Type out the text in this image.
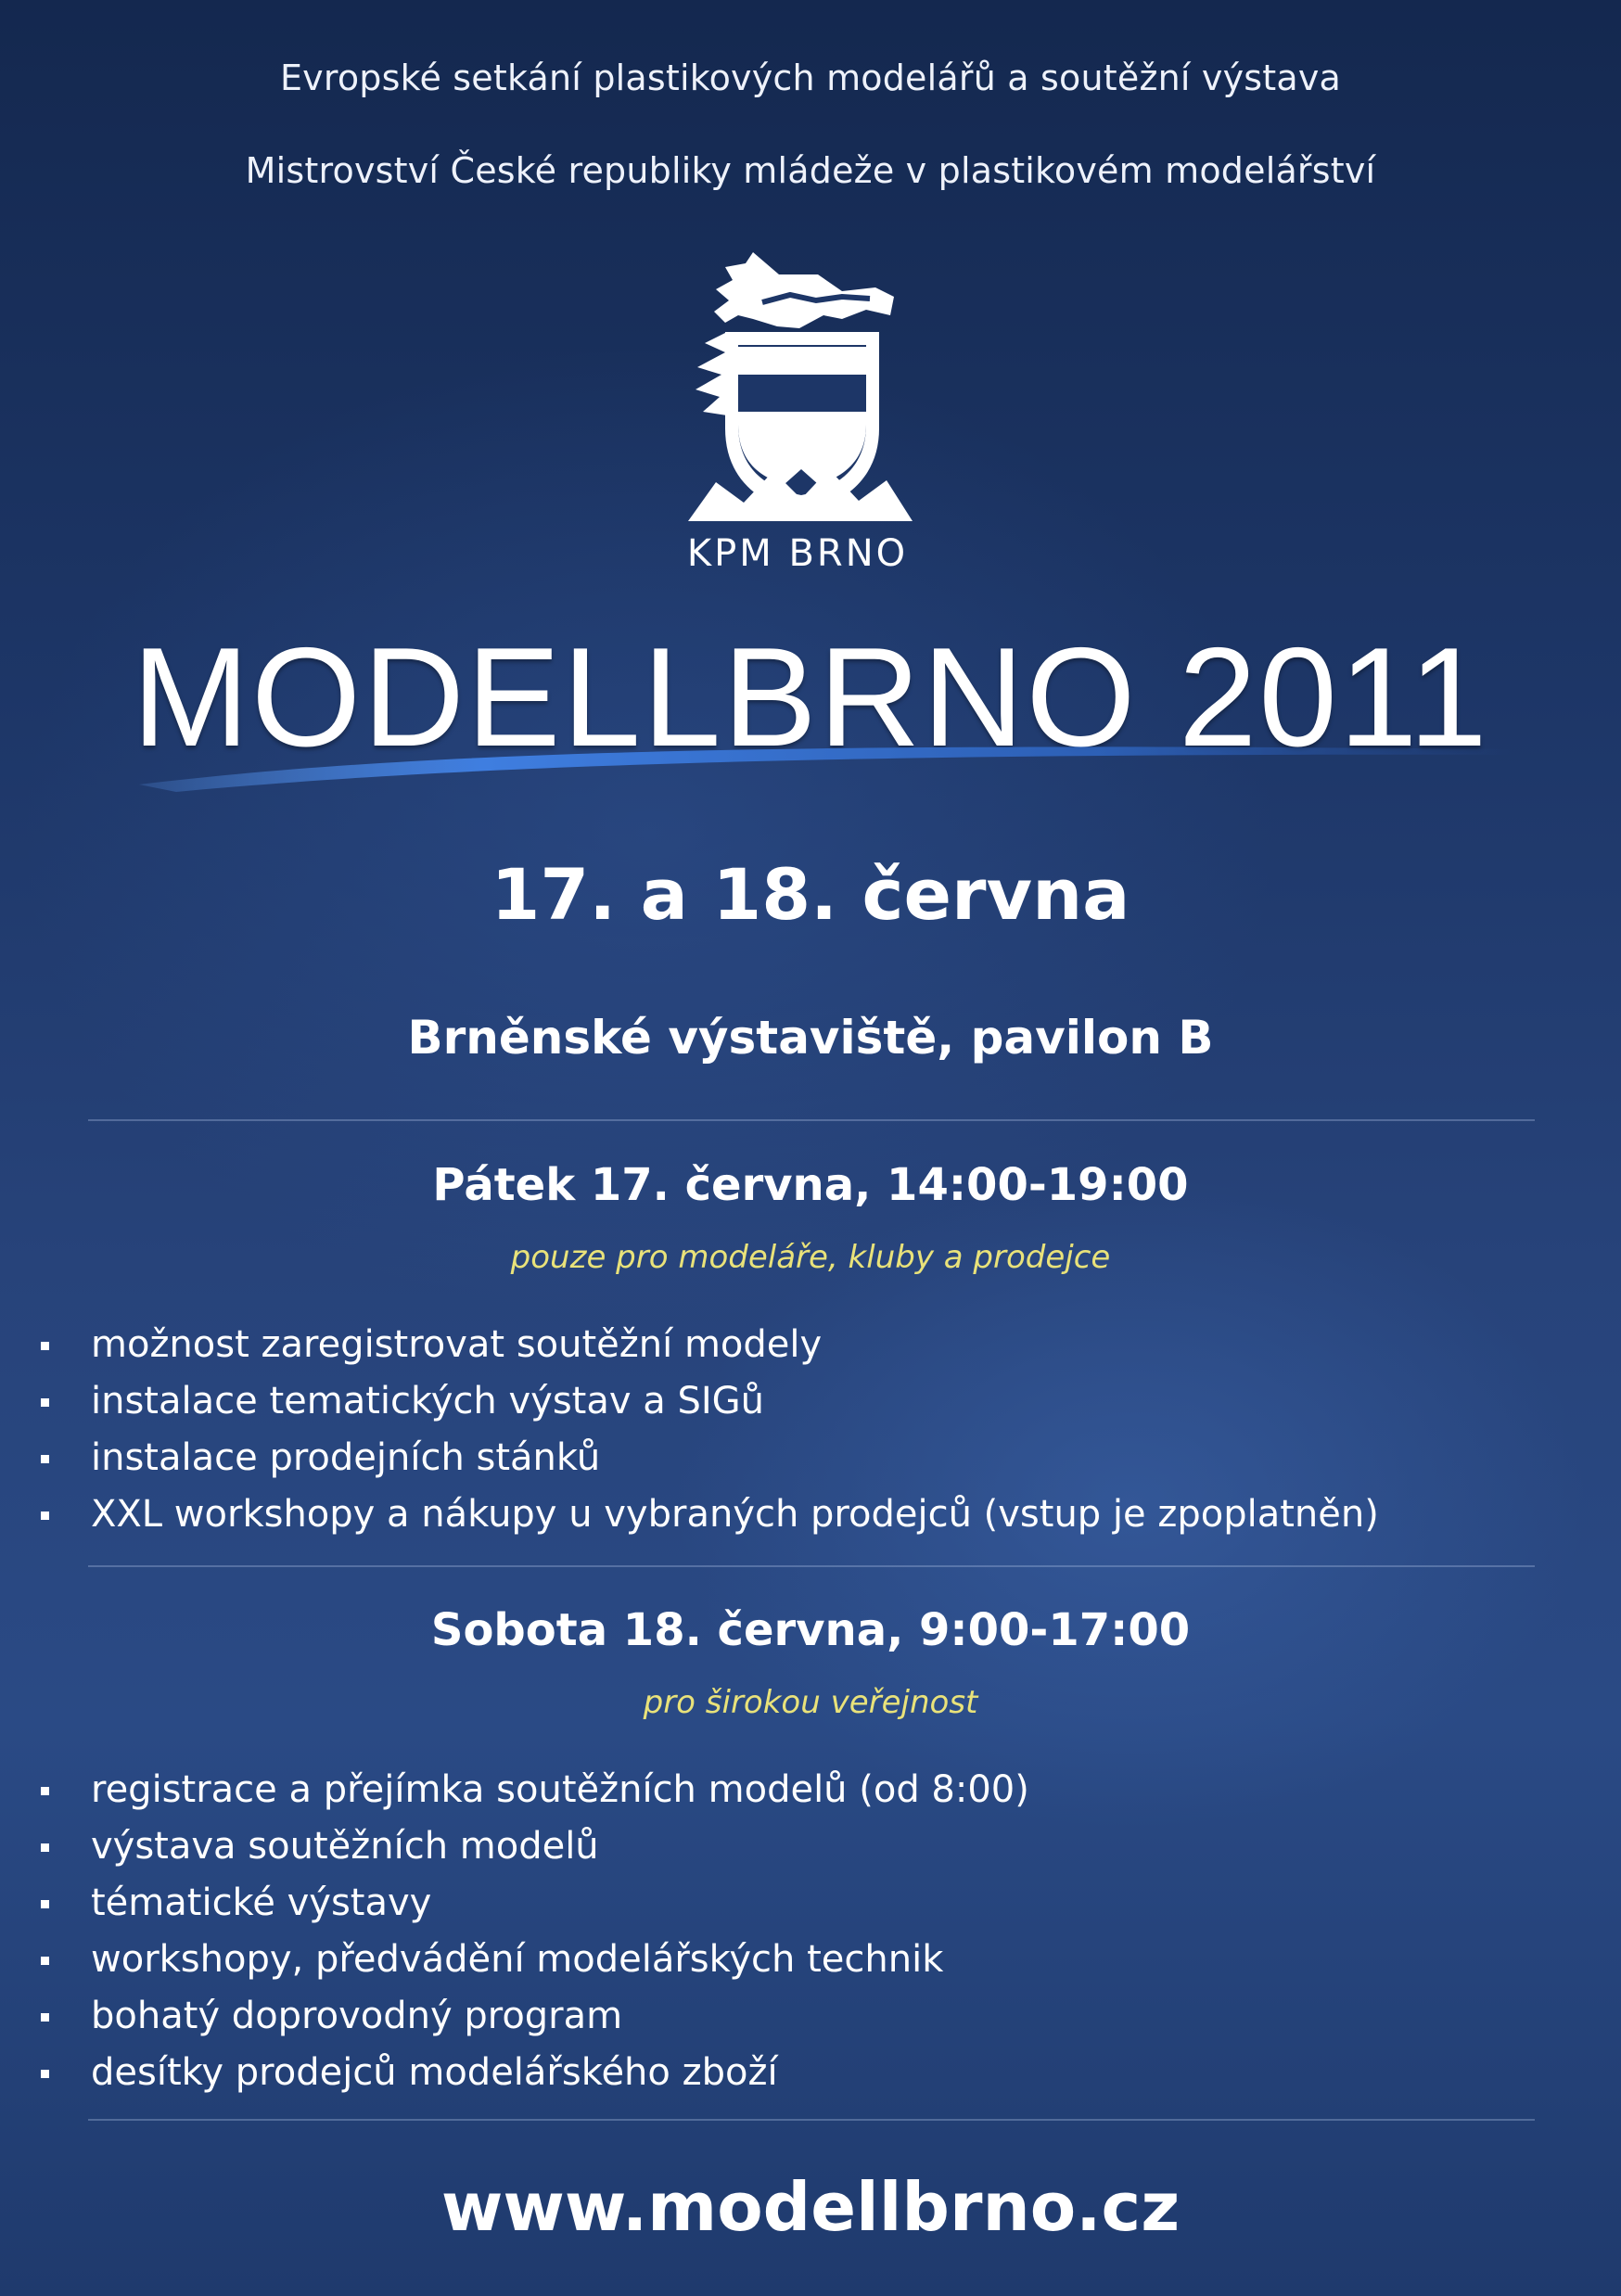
Evropské setkání plastikových modelářů a soutěžní výstava
Mistrovství České republiky mládeže v plastikovém modelářství
KPM BRNO
MODELLBRNO 2011
17. a 18. června
Brněnské výstaviště, pavilon B
Pátek 17. června, 14:00-19:00
pouze pro modeláře, kluby a prodejce
možnost zaregistrovat soutěžní modely
instalace tematických výstav a SIGů
instalace prodejních stánků
XXL workshopy a nákupy u vybraných prodejců (vstup je zpoplatněn)
Sobota 18. června, 9:00-17:00
pro širokou veřejnost
registrace a přejímka soutěžních modelů (od 8:00)
výstava soutěžních modelů
tématické výstavy
workshopy, předvádění modelářských technik
bohatý doprovodný program
desítky prodejců modelářského zboží
www.modellbrno.cz
